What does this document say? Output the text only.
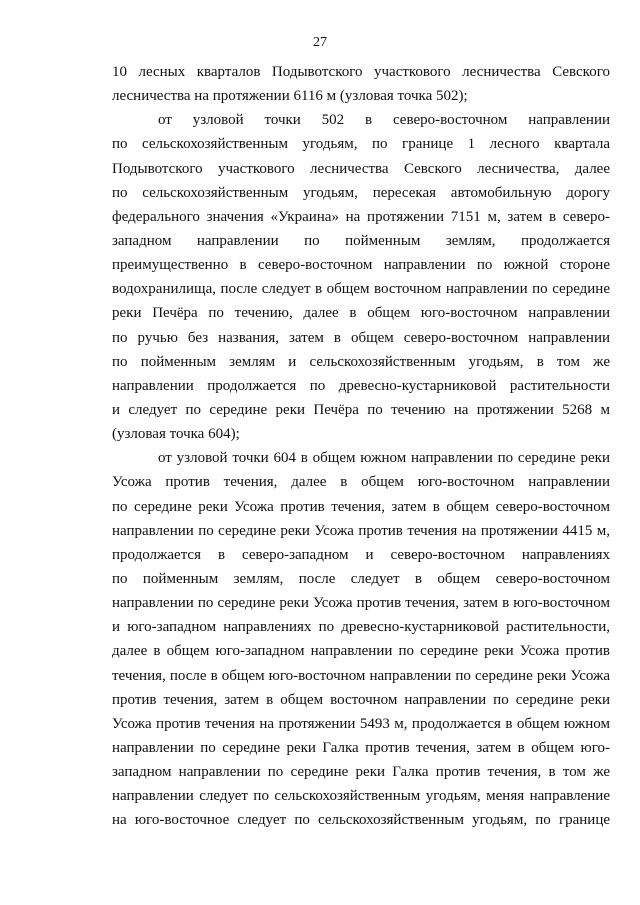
27
10 лесных кварталов Подывотского участкового лесничества Севского
лесничества на протяжении 6116 м (узловая точка 502);
от узловой точки 502 в северо-восточном направлении
по сельскохозяйственным угодьям, по границе 1 лесного квартала
Подывотского участкового лесничества Севского лесничества, далее
по сельскохозяйственным угодьям, пересекая автомобильную дорогу
федерального значения «Украина» на протяжении 7151 м, затем в северо-
западном направлении по пойменным землям, продолжается
преимущественно в северо-восточном направлении по южной стороне
водохранилища, после следует в общем восточном направлении по середине
реки Печёра по течению, далее в общем юго-восточном направлении
по ручью без названия, затем в общем северо-восточном направлении
по пойменным землям и сельскохозяйственным угодьям, в том же
направлении продолжается по древесно-кустарниковой растительности
и следует по середине реки Печёра по течению на протяжении 5268 м
(узловая точка 604);
от узловой точки 604 в общем южном направлении по середине реки
Усожа против течения, далее в общем юго-восточном направлении
по середине реки Усожа против течения, затем в общем северо-восточном
направлении по середине реки Усожа против течения на протяжении 4415 м,
продолжается в северо-западном и северо-восточном направлениях
по пойменным землям, после следует в общем северо-восточном
направлении по середине реки Усожа против течения, затем в юго-восточном
и юго-западном направлениях по древесно-кустарниковой растительности,
далее в общем юго-западном направлении по середине реки Усожа против
течения, после в общем юго-восточном направлении по середине реки Усожа
против течения, затем в общем восточном направлении по середине реки
Усожа против течения на протяжении 5493 м, продолжается в общем южном
направлении по середине реки Галка против течения, затем в общем юго-
западном направлении по середине реки Галка против течения, в том же
направлении следует по сельскохозяйственным угодьям, меняя направление
на юго-восточное следует по сельскохозяйственным угодьям, по границе
